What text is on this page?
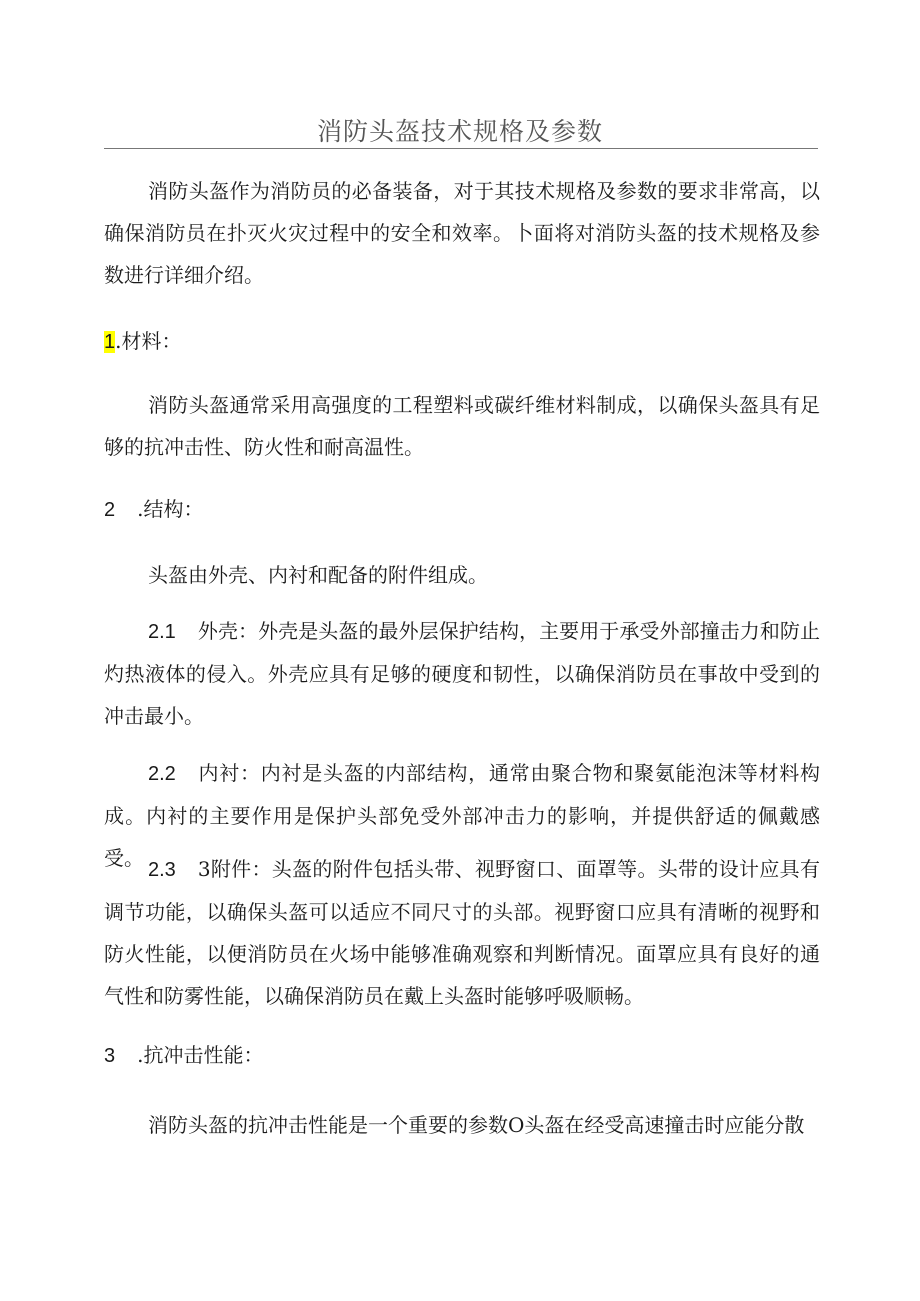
消防头盔技术规格及参数
消防头盔作为消防员的必备装备，对于其技术规格及参数的要求非常高，以确保消防员在扑灭火灾过程中的安全和效率。卜面将对消防头盔的技术规格及参数进行详细介绍。
1.材料：
消防头盔通常采用高强度的工程塑料或碳纤维材料制成，以确保头盔具有足够的抗冲击性、防火性和耐高温性。
2 .结构：
头盔由外壳、内衬和配备的附件组成。
2.1 外壳：外壳是头盔的最外层保护结构，主要用于承受外部撞击力和防止灼热液体的侵入。外壳应具有足够的硬度和韧性，以确保消防员在事故中受到的冲击最小。
2.2 内衬：内衬是头盔的内部结构，通常由聚合物和聚氨能泡沫等材料构成。内衬的主要作用是保护头部免受外部冲击力的影响，并提供舒适的佩戴感受。 2.3 3附件：头盔的附件包括头带、视野窗口、面罩等。头带的设计应具有调节功能，以确保头盔可以适应不同尺寸的头部。视野窗口应具有清晰的视野和防火性能，以便消防员在火场中能够准确观察和判断情况。面罩应具有良好的通气性和防雾性能，以确保消防员在戴上头盔时能够呼吸顺畅。
3 .抗冲击性能：
消防头盔的抗冲击性能是一个重要的参数O头盔在经受高速撞击时应能分散
